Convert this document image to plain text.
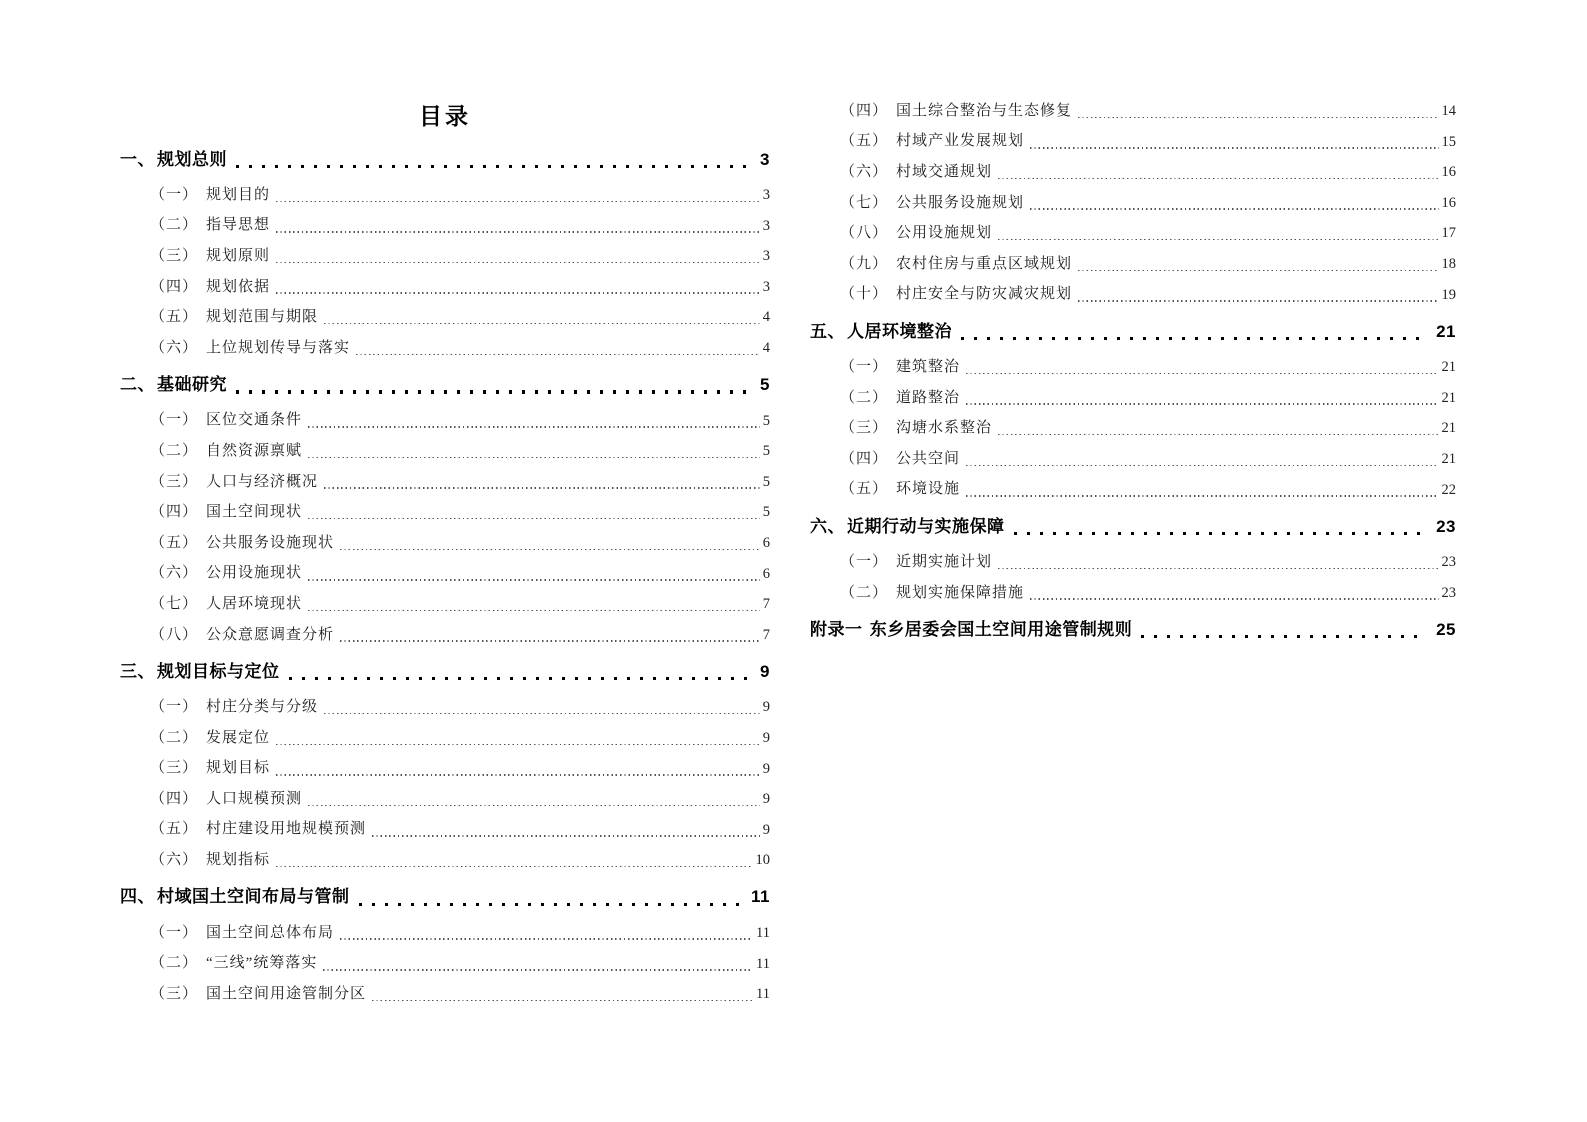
目录
一、 规划总则	3
（一） 规划目的	3
（二） 指导思想	3
（三） 规划原则	3
（四） 规划依据	3
（五） 规划范围与期限	4
（六） 上位规划传导与落实	4
二、 基础研究	5
（一） 区位交通条件	5
（二） 自然资源禀赋	5
（三） 人口与经济概况	5
（四） 国土空间现状	5
（五） 公共服务设施现状	6
（六） 公用设施现状	6
（七） 人居环境现状	7
（八） 公众意愿调查分析	7
三、 规划目标与定位	9
（一） 村庄分类与分级	9
（二） 发展定位	9
（三） 规划目标	9
（四） 人口规模预测	9
（五） 村庄建设用地规模预测	9
（六） 规划指标	10
四、 村域国土空间布局与管制	11
（一） 国土空间总体布局	11
（二） “三线”统筹落实	11
（三） 国土空间用途管制分区	11
（四） 国土综合整治与生态修复	14
（五） 村域产业发展规划	15
（六） 村域交通规划	16
（七） 公共服务设施规划	16
（八） 公用设施规划	17
（九） 农村住房与重点区域规划	18
（十） 村庄安全与防灾减灾规划	19
五、 人居环境整治	21
（一） 建筑整治	21
（二） 道路整治	21
（三） 沟塘水系整治	21
（四） 公共空间	21
（五） 环境设施	22
六、 近期行动与实施保障	23
（一） 近期实施计划	23
（二） 规划实施保障措施	23
附录一 东乡居委会国土空间用途管制规则	25
